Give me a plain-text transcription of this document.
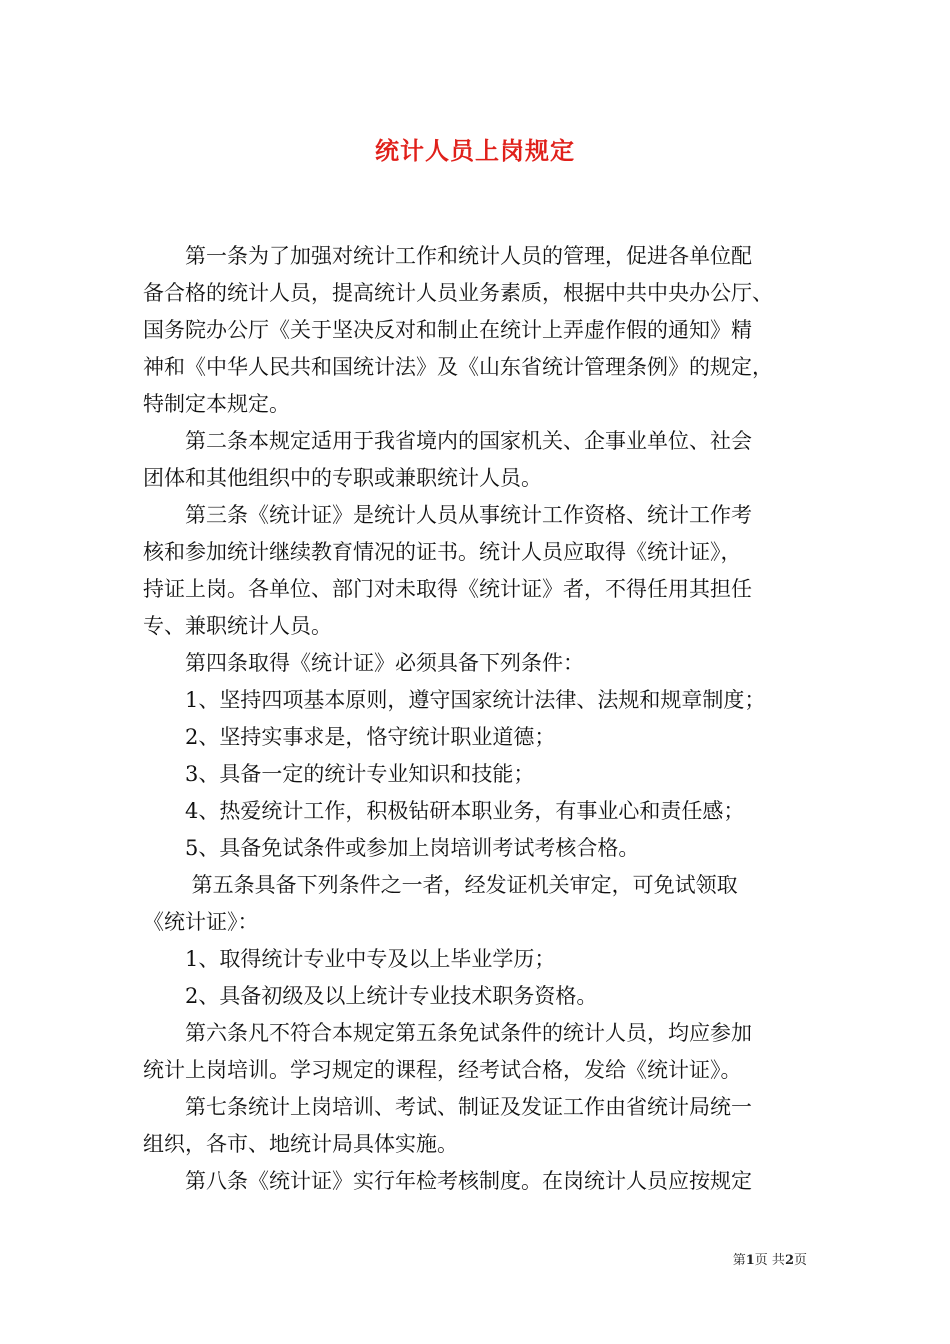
统计人员上岗规定

　　第一条为了加强对统计工作和统计人员的管理，促进各单位配

备合格的统计人员，提高统计人员业务素质，根据中共中央办公厅、

国务院办公厅《关于坚决反对和制止在统计上弄虚作假的通知》精

神和《中华人民共和国统计法》及《山东省统计管理条例》的规定，

特制定本规定。

　　第二条本规定适用于我省境内的国家机关、企事业单位、社会

团体和其他组织中的专职或兼职统计人员。

　　第三条《统计证》是统计人员从事统计工作资格、统计工作考

核和参加统计继续教育情况的证书。统计人员应取得《统计证》，

持证上岗。各单位、部门对未取得《统计证》者，不得任用其担任

专、兼职统计人员。

　　第四条取得《统计证》必须具备下列条件：

　　1、坚持四项基本原则，遵守国家统计法律、法规和规章制度；

　　2、坚持实事求是，恪守统计职业道德；

　　3、具备一定的统计专业知识和技能；

　　4、热爱统计工作，积极钻研本职业务，有事业心和责任感；

　　5、具备免试条件或参加上岗培训考试考核合格。

　　 第五条具备下列条件之一者，经发证机关审定，可免试领取

《统计证》：

　　1、取得统计专业中专及以上毕业学历；

　　2、具备初级及以上统计专业技术职务资格。

　　第六条凡不符合本规定第五条免试条件的统计人员，均应参加

统计上岗培训。学习规定的课程，经考试合格，发给《统计证》。

　　第七条统计上岗培训、考试、制证及发证工作由省统计局统一

组织，各市、地统计局具体实施。

　　第八条《统计证》实行年检考核制度。在岗统计人员应按规定

第1页 共2页
